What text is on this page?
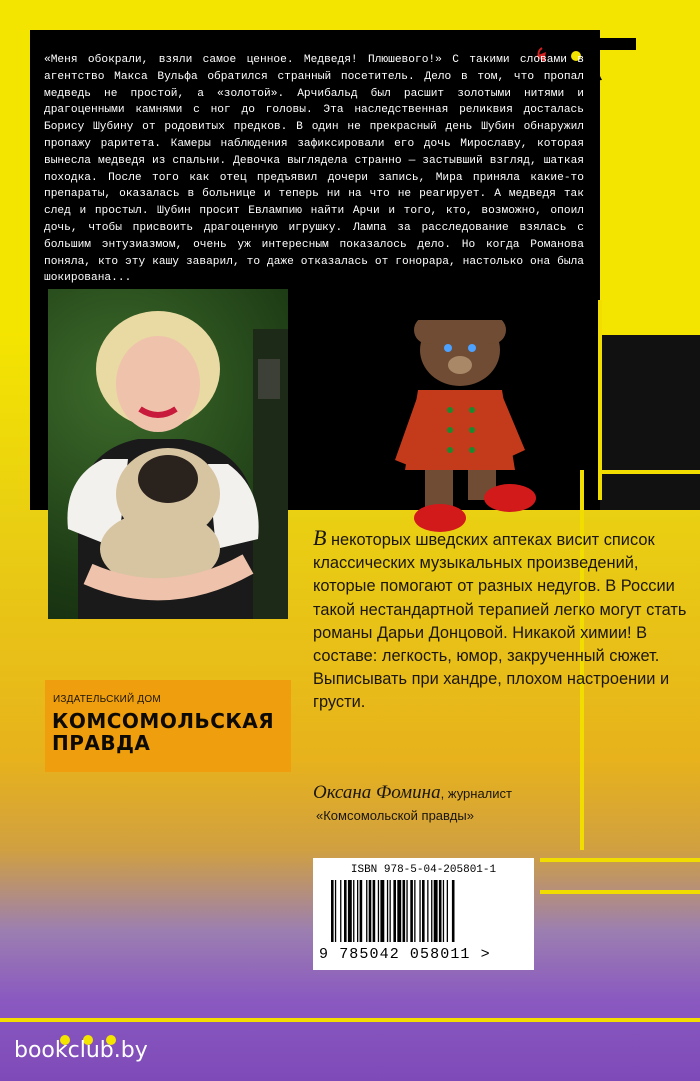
«Меня обокрали, взяли самое ценное. Медведя! Плюшевого!» С такими словами в агентство Макса Вульфа обратился странный посетитель. Дело в том, что пропал медведь не простой, а «золотой». Арчибальд был расшит золотыми нитями и драгоценными камнями с ног до головы. Эта наследственная реликвия досталась Борису Шубину от родовитых предков. В один не прекрасный день Шубин обнаружил пропажу раритета. Камеры наблюдения зафиксировали его дочь Мирославу, которая вынесла медведя из спальни. Девочка выглядела странно — застывший взгляд, шаткая походка. После того как отец предъявил дочери запись, Мира приняла какие-то препараты, оказалась в больнице и теперь ни на что не реагирует. А медведя так след и простыл. Шубин просит Евлампию найти Арчи и того, кто, возможно, опоил дочь, чтобы присвоить драгоценную игрушку. Лампа за расследование взялась с большим энтузиазмом, очень уж интересным показалось дело. Но когда Романова поняла, кто эту кашу заварил, то даже отказалась от гонорара, настолько она была шокирована...

В некоторых шведских аптеках висит список классических музыкальных произведений, которые помогают от разных недугов. В России такой нестандартной терапией легко могут стать романы Дарьи Донцовой. Никакой химии! В составе: легкость, юмор, закрученный сюжет. Выписывать при хандре, плохом настроении и грусти.

Оксана Фомина, журналист
«Комсомольской правды»
ИЗДАТЕЛЬСКИЙ ДОМ
КОМСОМОЛЬСКАЯ
ПРАВДА
ISBN 978-5-04-205801-1
9 785042 058011 >
bookclub.by
